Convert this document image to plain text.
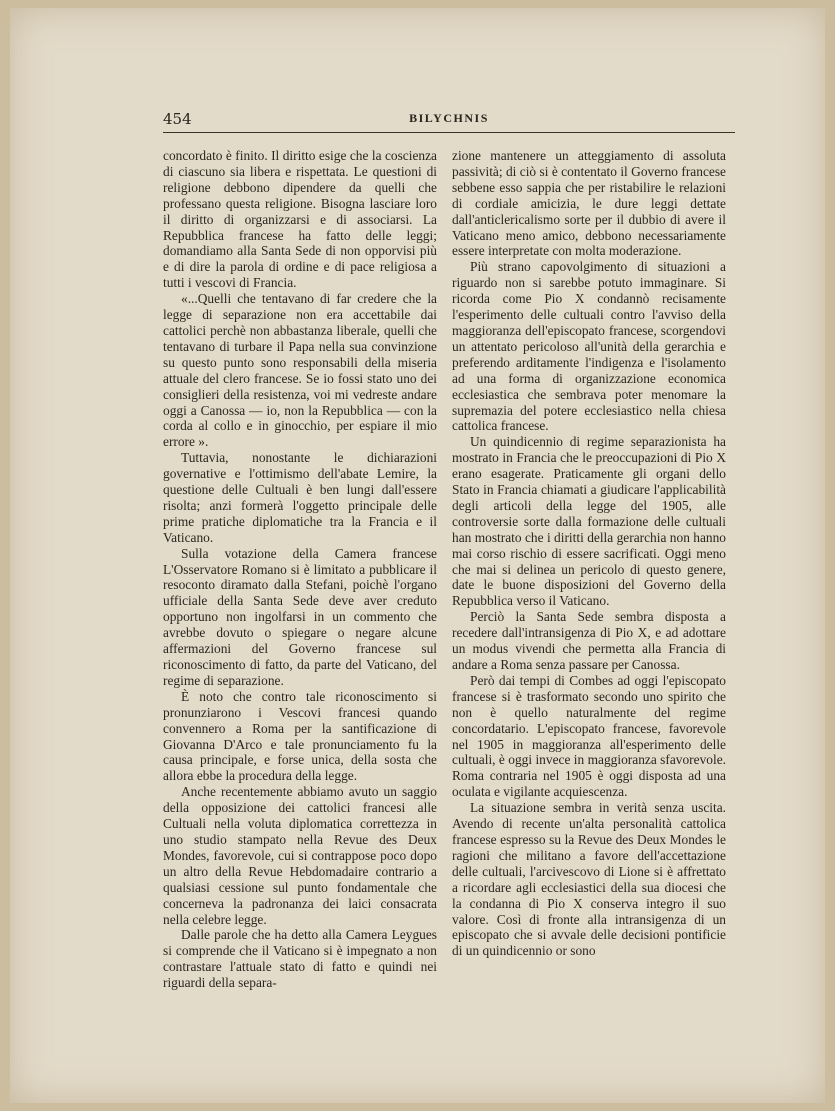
454	BILYCHNIS

concordato è finito. Il diritto esige che la coscienza di ciascuno sia libera e rispettata. Le questioni di religione debbono dipendere da quelli che professano questa religione. Bisogna lasciare loro il diritto di organizzarsi e di associarsi. La Repubblica francese ha fatto delle leggi; domandiamo alla Santa Sede di non opporvisi più e di dire la parola di ordine e di pace religiosa a tutti i vescovi di Francia.

«...Quelli che tentavano di far credere che la legge di separazione non era accettabile dai cattolici perchè non abbastanza liberale, quelli che tentavano di turbare il Papa nella sua convinzione su questo punto sono responsabili della miseria attuale del clero francese. Se io fossi stato uno dei consiglieri della resistenza, voi mi vedreste andare oggi a Canossa — io, non la Repubblica — con la corda al collo e in ginocchio, per espiare il mio errore ».

Tuttavia, nonostante le dichiarazioni governative e l'ottimismo dell'abate Lemire, la questione delle Cultuali è ben lungi dall'essere risolta; anzi formerà l'oggetto principale delle prime pratiche diplomatiche tra la Francia e il Vaticano.

Sulla votazione della Camera francese L'Osservatore Romano si è limitato a pubblicare il resoconto diramato dalla Stefani, poichè l'organo ufficiale della Santa Sede deve aver creduto opportuno non ingolfarsi in un commento che avrebbe dovuto o spiegare o negare alcune affermazioni del Governo francese sul riconoscimento di fatto, da parte del Vaticano, del regime di separazione.

È noto che contro tale riconoscimento si pronunziarono i Vescovi francesi quando convennero a Roma per la santificazione di Giovanna D'Arco e tale pronunciamento fu la causa principale, e forse unica, della sosta che allora ebbe la procedura della legge.

Anche recentemente abbiamo avuto un saggio della opposizione dei cattolici francesi alle Cultuali nella voluta diplomatica correttezza in uno studio stampato nella Revue des Deux Mondes, favorevole, cui si contrappose poco dopo un altro della Revue Hebdomadaire contrario a qualsiasi cessione sul punto fondamentale che concerneva la padronanza dei laici consacrata nella celebre legge.

Dalle parole che ha detto alla Camera Leygues si comprende che il Vaticano si è impegnato a non contrastare l'attuale stato di fatto e quindi nei riguardi della separa-

zione mantenere un atteggiamento di assoluta passività; di ciò si è contentato il Governo francese sebbene esso sappia che per ristabilire le relazioni di cordiale amicizia, le dure leggi dettate dall'anticlericalismo sorte per il dubbio di avere il Vaticano meno amico, debbono necessariamente essere interpretate con molta moderazione.

Più strano capovolgimento di situazioni a riguardo non si sarebbe potuto immaginare. Si ricorda come Pio X condannò recisamente l'esperimento delle cultuali contro l'avviso della maggioranza dell'episcopato francese, scorgendovi un attentato pericoloso all'unità della gerarchia e preferendo arditamente l'indigenza e l'isolamento ad una forma di organizzazione economica ecclesiastica che sembrava poter menomare la supremazia del potere ecclesiastico nella chiesa cattolica francese.

Un quindicennio di regime separazionista ha mostrato in Francia che le preoccupazioni di Pio X erano esagerate. Praticamente gli organi dello Stato in Francia chiamati a giudicare l'applicabilità degli articoli della legge del 1905, alle controversie sorte dalla formazione delle cultuali han mostrato che i diritti della gerarchia non hanno mai corso rischio di essere sacrificati. Oggi meno che mai si delinea un pericolo di questo genere, date le buone disposizioni del Governo della Repubblica verso il Vaticano.

Perciò la Santa Sede sembra disposta a recedere dall'intransigenza di Pio X, e ad adottare un modus vivendi che permetta alla Francia di andare a Roma senza passare per Canossa.

Però dai tempi di Combes ad oggi l'episcopato francese si è trasformato secondo uno spirito che non è quello naturalmente del regime concordatario. L'episcopato francese, favorevole nel 1905 in maggioranza all'esperimento delle cultuali, è oggi invece in maggioranza sfavorevole. Roma contraria nel 1905 è oggi disposta ad una oculata e vigilante acquiescenza.

La situazione sembra in verità senza uscita. Avendo di recente un'alta personalità cattolica francese espresso su la Revue des Deux Mondes le ragioni che militano a favore dell'accettazione delle cultuali, l'arcivescovo di Lione si è affrettato a ricordare agli ecclesiastici della sua diocesi che la condanna di Pio X conserva integro il suo valore. Così di fronte alla intransigenza di un episcopato che si avvale delle decisioni pontificie di un quindicennio or sono
